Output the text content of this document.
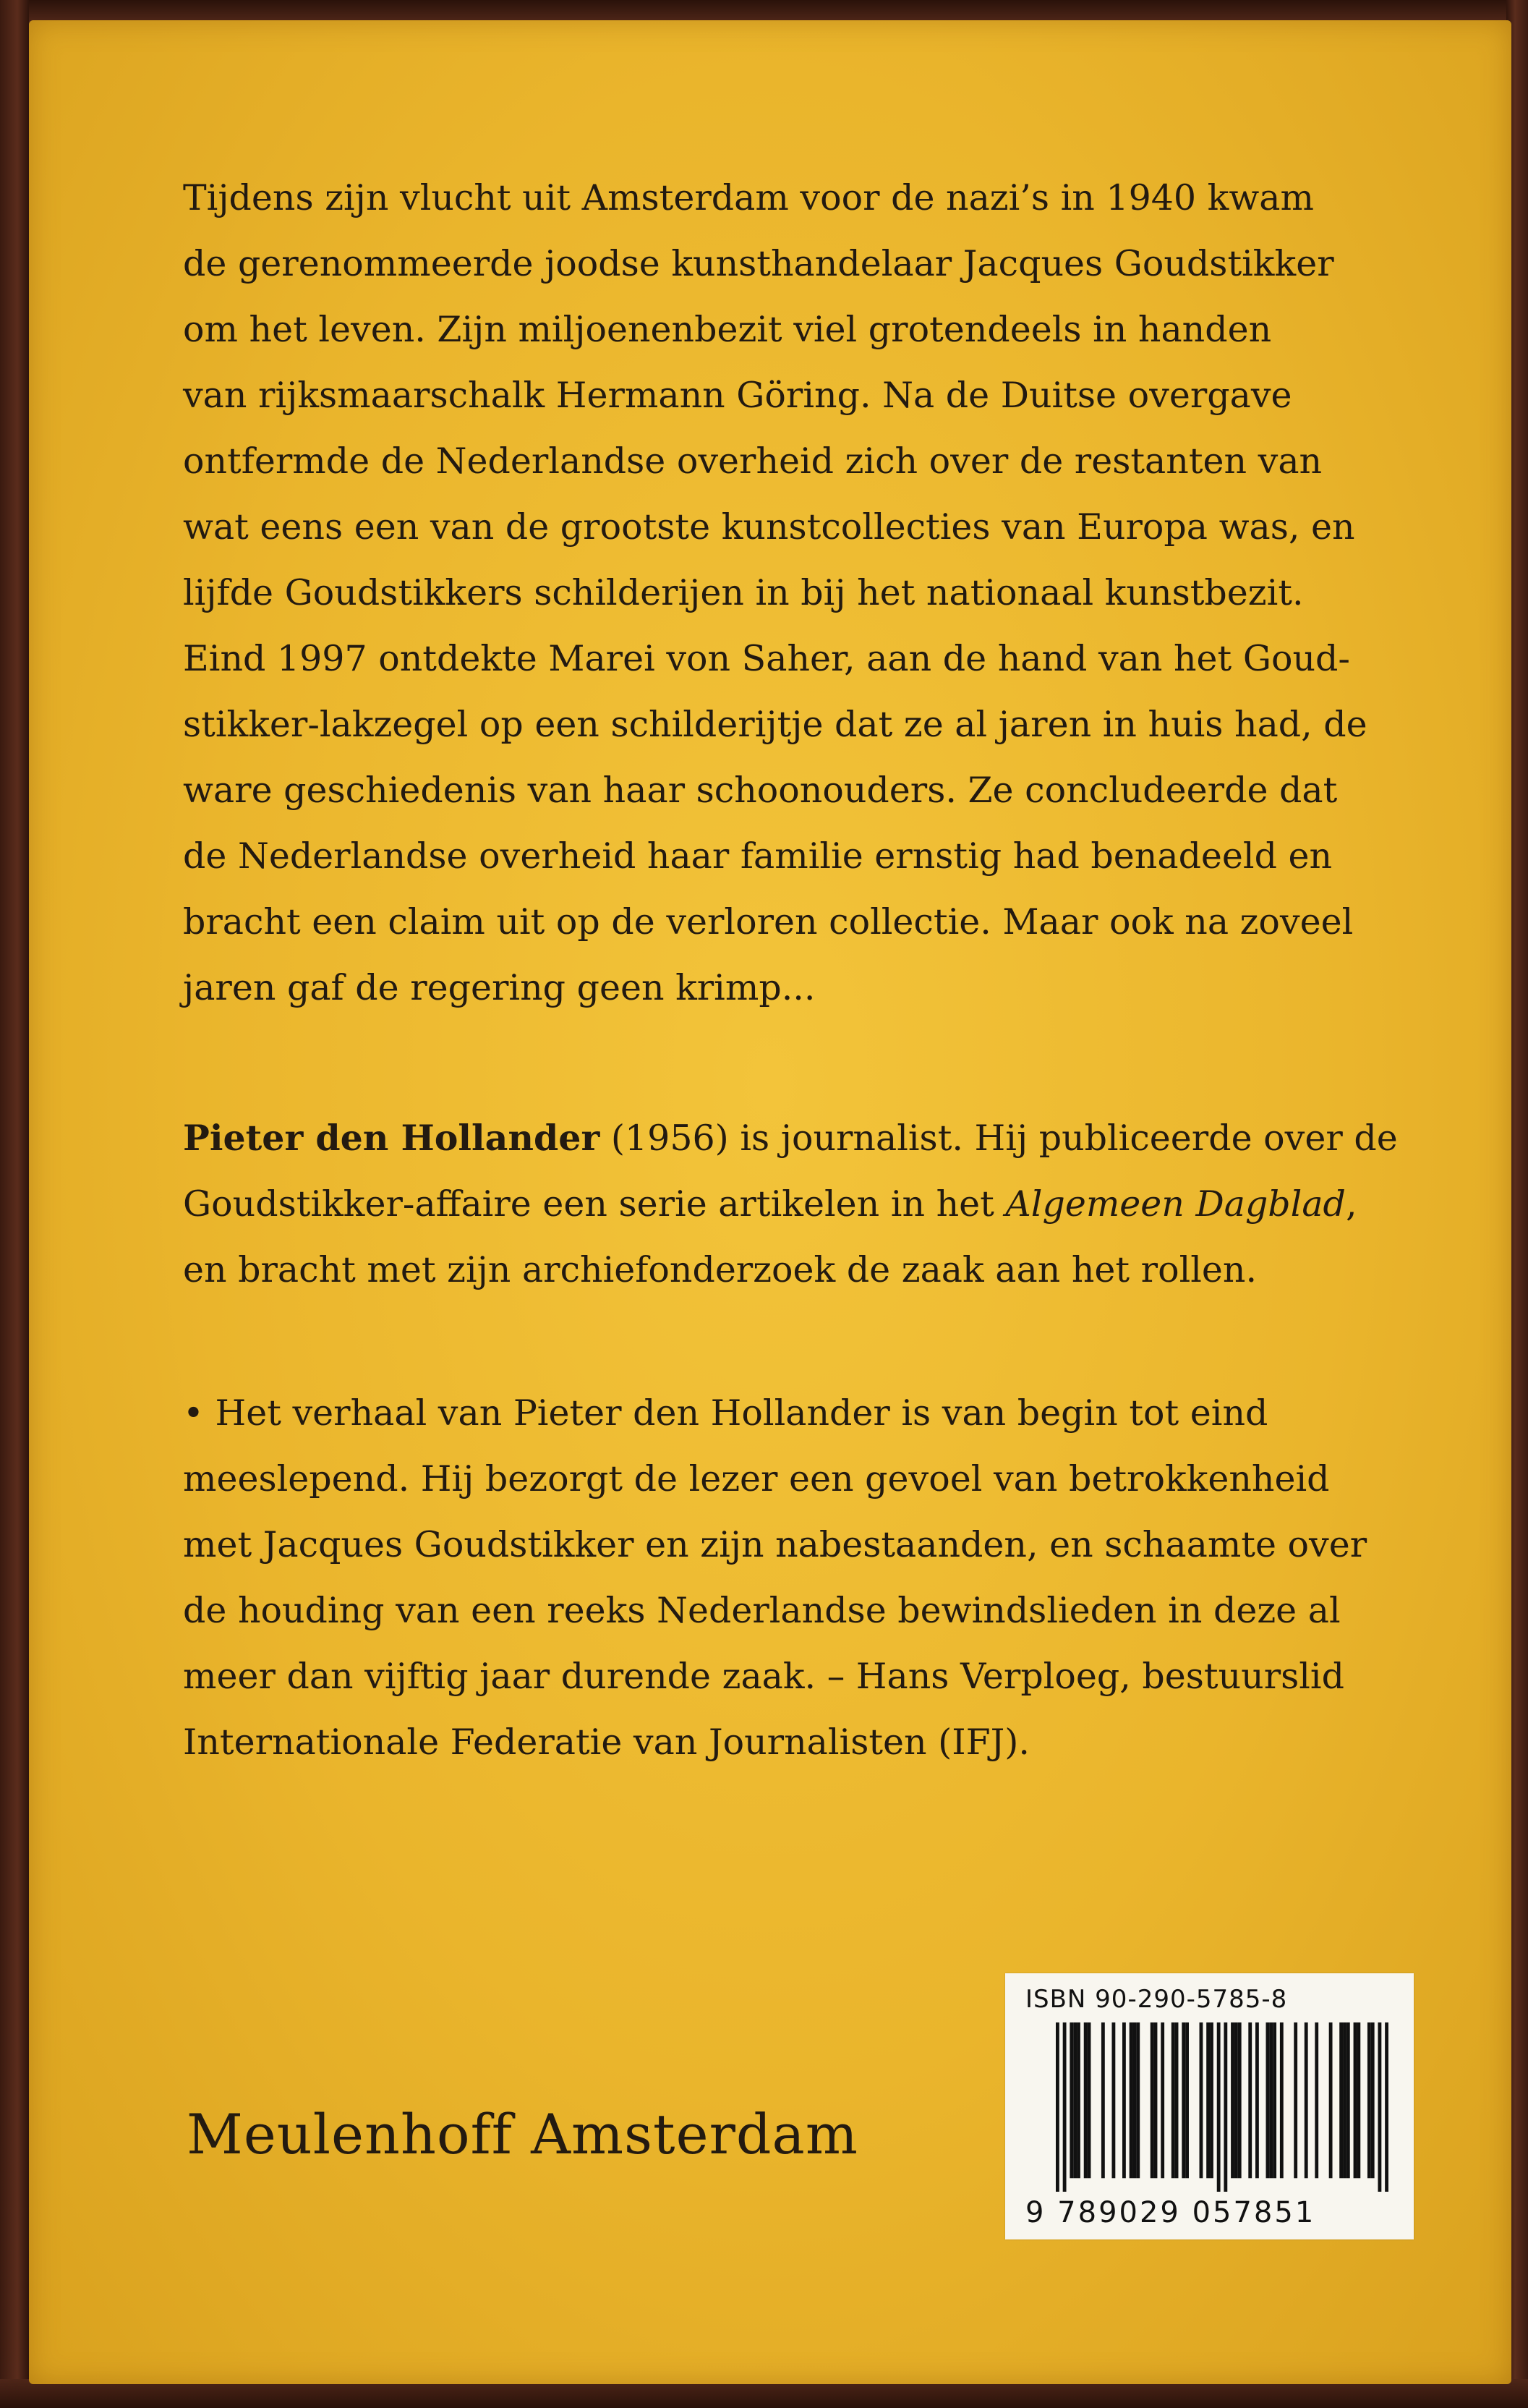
Tijdens zijn vlucht uit Amsterdam voor de nazi’s in 1940 kwam
de gerenommeerde joodse kunsthandelaar Jacques Goudstikker
om het leven. Zijn miljoenenbezit viel grotendeels in handen
van rijksmaarschalk Hermann Göring. Na de Duitse overgave
ontfermde de Nederlandse overheid zich over de restanten van
wat eens een van de grootste kunstcollecties van Europa was, en
lijfde Goudstikkers schilderijen in bij het nationaal kunstbezit.
Eind 1997 ontdekte Marei von Saher, aan de hand van het Goud-
stikker-lakzegel op een schilderijtje dat ze al jaren in huis had, de
ware geschiedenis van haar schoonouders. Ze concludeerde dat
de Nederlandse overheid haar familie ernstig had benadeeld en
bracht een claim uit op de verloren collectie. Maar ook na zoveel
jaren gaf de regering geen krimp...
Pieter den Hollander (1956) is journalist. Hij publiceerde over de
Goudstikker-affaire een serie artikelen in het Algemeen Dagblad,
en bracht met zijn archiefonderzoek de zaak aan het rollen.
• Het verhaal van Pieter den Hollander is van begin tot eind
meeslepend. Hij bezorgt de lezer een gevoel van betrokkenheid
met Jacques Goudstikker en zijn nabestaanden, en schaamte over
de houding van een reeks Nederlandse bewindslieden in deze al
meer dan vijftig jaar durende zaak. – Hans Verploeg, bestuurslid
Internationale Federatie van Journalisten (IFJ).
Meulenhoff Amsterdam
ISBN 90-290-5785-8
9 789029 057851
